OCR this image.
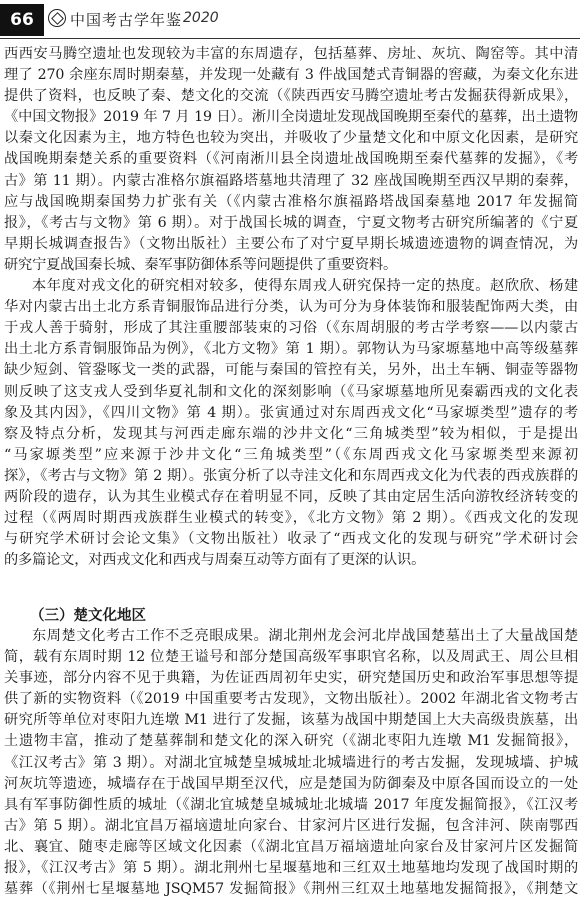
66	中国考古学年鉴 2020

西西安马腾空遗址也发现较为丰富的东周遗存，包括墓葬、房址、灰坑、陶窑等。其中清
理了 270 余座东周时期秦墓，并发现一处藏有 3 件战国楚式青铜器的窖藏，为秦文化东进
提供了资料，也反映了秦、楚文化的交流（《陕西西安马腾空遗址考古发掘获得新成果》，
《中国文物报》2019 年 7 月 19 日）。淅川全岗遗址发现战国晚期至秦代的墓葬，出土遗物
以秦文化因素为主，地方特色也较为突出，并吸收了少量楚文化和中原文化因素，是研究
战国晚期秦楚关系的重要资料（《河南淅川县全岗遗址战国晚期至秦代墓葬的发掘》，《考
古》第 11 期）。内蒙古准格尔旗福路塔墓地共清理了 32 座战国晚期至西汉早期的秦葬，
应与战国晚期秦国势力扩张有关（《内蒙古准格尔旗福路塔战国秦墓地 2017 年发掘简
报》，《考古与文物》第 6 期）。对于战国长城的调查，宁夏文物考古研究所编著的《宁夏
早期长城调查报告》（文物出版社）主要公布了对宁夏早期长城遗迹遗物的调查情况，为
研究宁夏战国秦长城、秦军事防御体系等问题提供了重要资料。

本年度对戎文化的研究相对较多，使得东周戎人研究保持一定的热度。赵欣欣、杨建
华对内蒙古出土北方系青铜服饰品进行分类，认为可分为身体装饰和服装配饰两大类，由
于戎人善于骑射，形成了其注重腰部装束的习俗（《东周胡服的考古学考察——以内蒙古
出土北方系青铜服饰品为例》，《北方文物》第 1 期）。郭物认为马家塬墓地中高等级墓葬
缺少短剑、管銎啄戈一类的武器，可能与秦国的管控有关，另外，出土车辆、铜壶等器物
则反映了这支戎人受到华夏礼制和文化的深刻影响（《马家塬墓地所见秦霸西戎的文化表
象及其内因》，《四川文物》第 4 期）。张寅通过对东周西戎文化“马家塬类型”遗存的考
察及特点分析，发现其与河西走廊东端的沙井文化“三角城类型”较为相似，于是提出
“马家塬类型”应来源于沙井文化“三角城类型”（《东周西戎文化马家塬类型来源初
探》，《考古与文物》第 2 期）。张寅分析了以寺洼文化和东周西戎文化为代表的西戎族群的
两阶段的遗存，认为其生业模式存在着明显不同，反映了其由定居生活向游牧经济转变的
过程（《两周时期西戎族群生业模式的转变》，《北方文物》第 2 期）。《西戎文化的发现
与研究学术研讨会论文集》（文物出版社）收录了“西戎文化的发现与研究”学术研讨会
的多篇论文，对西戎文化和西戎与周秦互动等方面有了更深的认识。

（三）楚文化地区

东周楚文化考古工作不乏亮眼成果。湖北荆州龙会河北岸战国楚墓出土了大量战国楚
简，载有东周时期 12 位楚王谥号和部分楚国高级军事职官名称，以及周武王、周公旦相
关事迹，部分内容不见于典籍，为佐证西周初年史实，研究楚国历史和政治军事思想等提
供了新的实物资料（《2019 中国重要考古发现》，文物出版社）。2002 年湖北省文物考古
研究所等单位对枣阳九连墩 M1 进行了发掘，该墓为战国中期楚国上大夫高级贵族墓，出
土遗物丰富，推动了楚墓葬制和楚文化的深入研究（《湖北枣阳九连墩 M1 发掘简报》，
《江汉考古》第 3 期）。对湖北宜城楚皇城城址北城墙进行的考古发掘，发现城墙、护城
河灰坑等遗迹，城墙存在于战国早期至汉代，应是楚国为防御秦及中原各国而设立的一处
具有军事防御性质的城址（《湖北宜城楚皇城城址北城墙 2017 年度发掘简报》，《江汉考
古》第 5 期）。湖北宜昌万福垴遗址向家台、甘家河片区进行发掘，包含沣河、陕南鄂西
北、襄宜、随枣走廊等区域文化因素（《湖北宜昌万福垴遗址向家台及甘家河片区发掘简
报》，《江汉考古》第 5 期）。湖北荆州七星堰墓地和三红双土地墓地均发现了战国时期的
墓葬（《荆州七星堰墓地 JSQM57 发掘简报》《荆州三红双土地墓地发掘简报》，《荆楚文
